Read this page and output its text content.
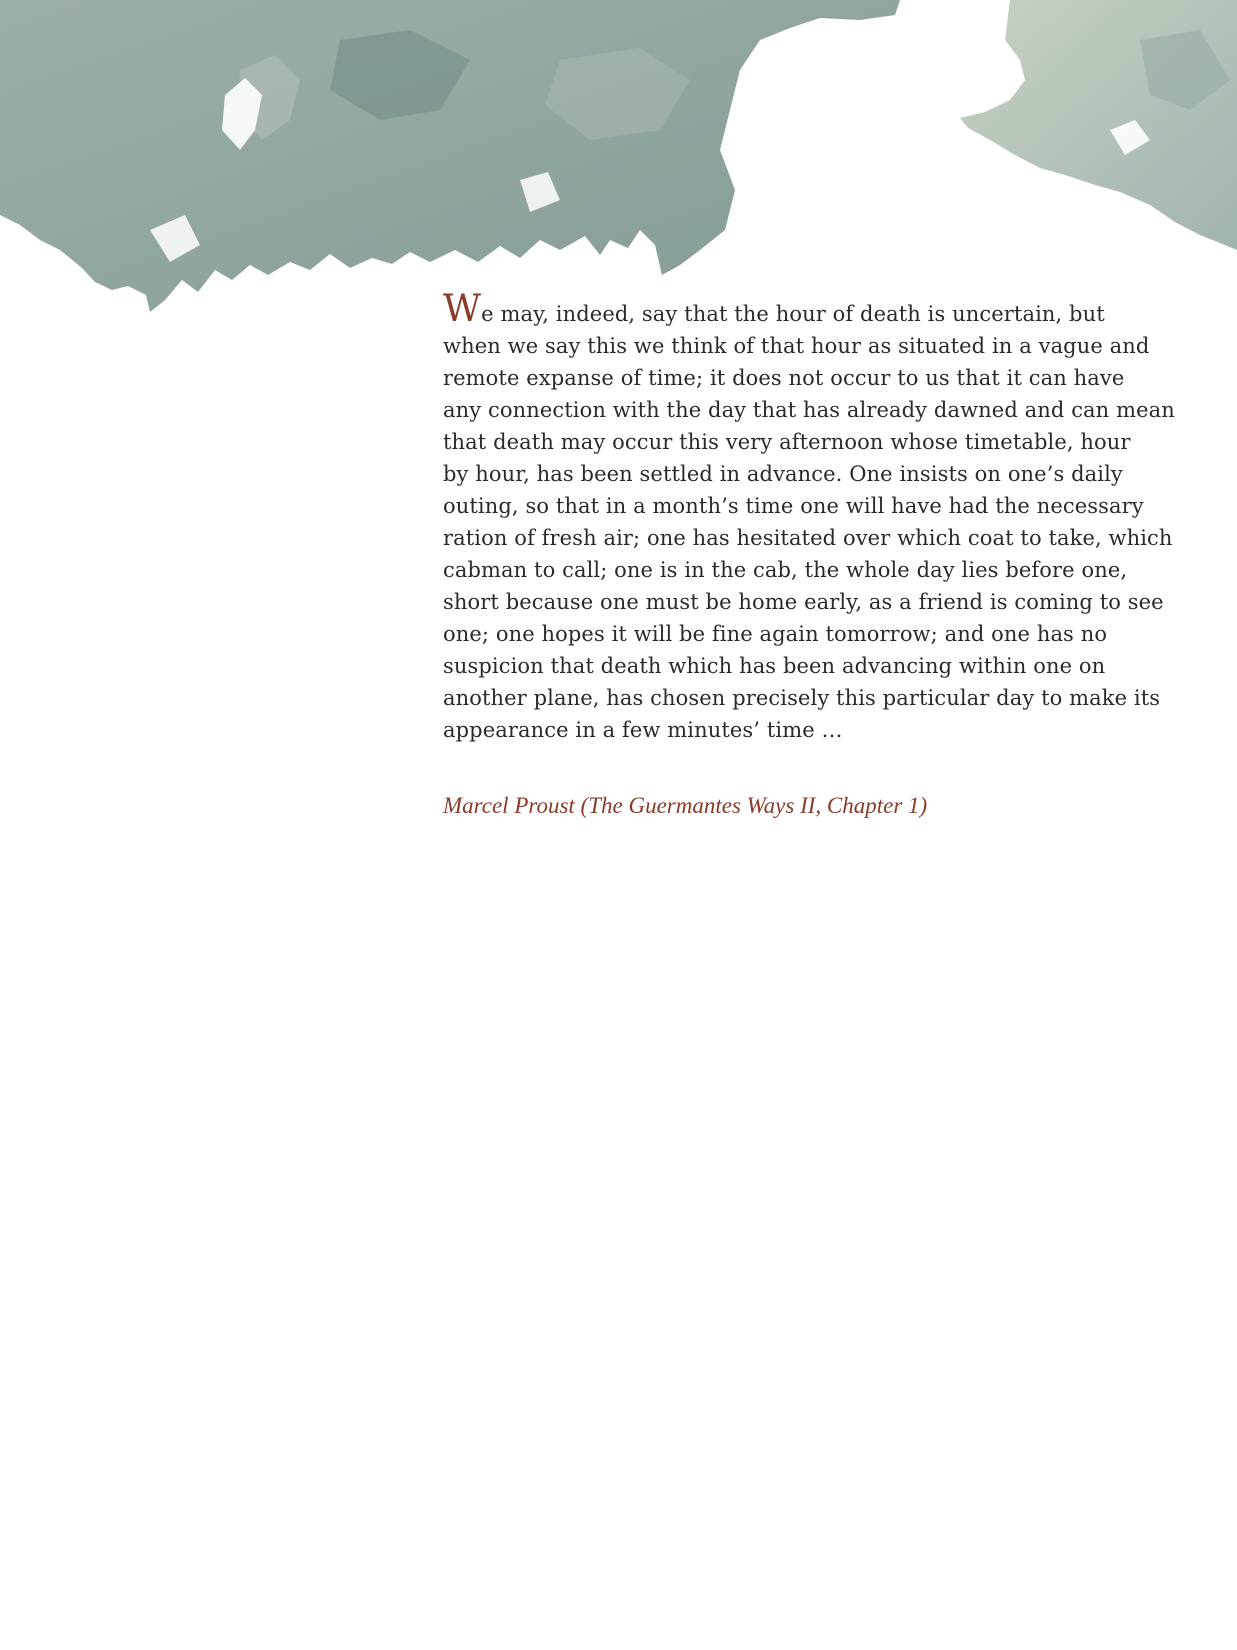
We may, indeed, say that the hour of death is uncertain, but
when we say this we think of that hour as situated in a vague and
remote expanse of time; it does not occur to us that it can have
any connection with the day that has already dawned and can mean
that death may occur this very afternoon whose timetable, hour
by hour, has been settled in advance. One insists on one’s daily
outing, so that in a month’s time one will have had the necessary
ration of fresh air; one has hesitated over which coat to take, which
cabman to call; one is in the cab, the whole day lies before one,
short because one must be home early, as a friend is coming to see
one; one hopes it will be fine again tomorrow; and one has no
suspicion that death which has been advancing within one on
another plane, has chosen precisely this particular day to make its
appearance in a few minutes’ time …

Marcel Proust (The Guermantes Ways II, Chapter 1)
